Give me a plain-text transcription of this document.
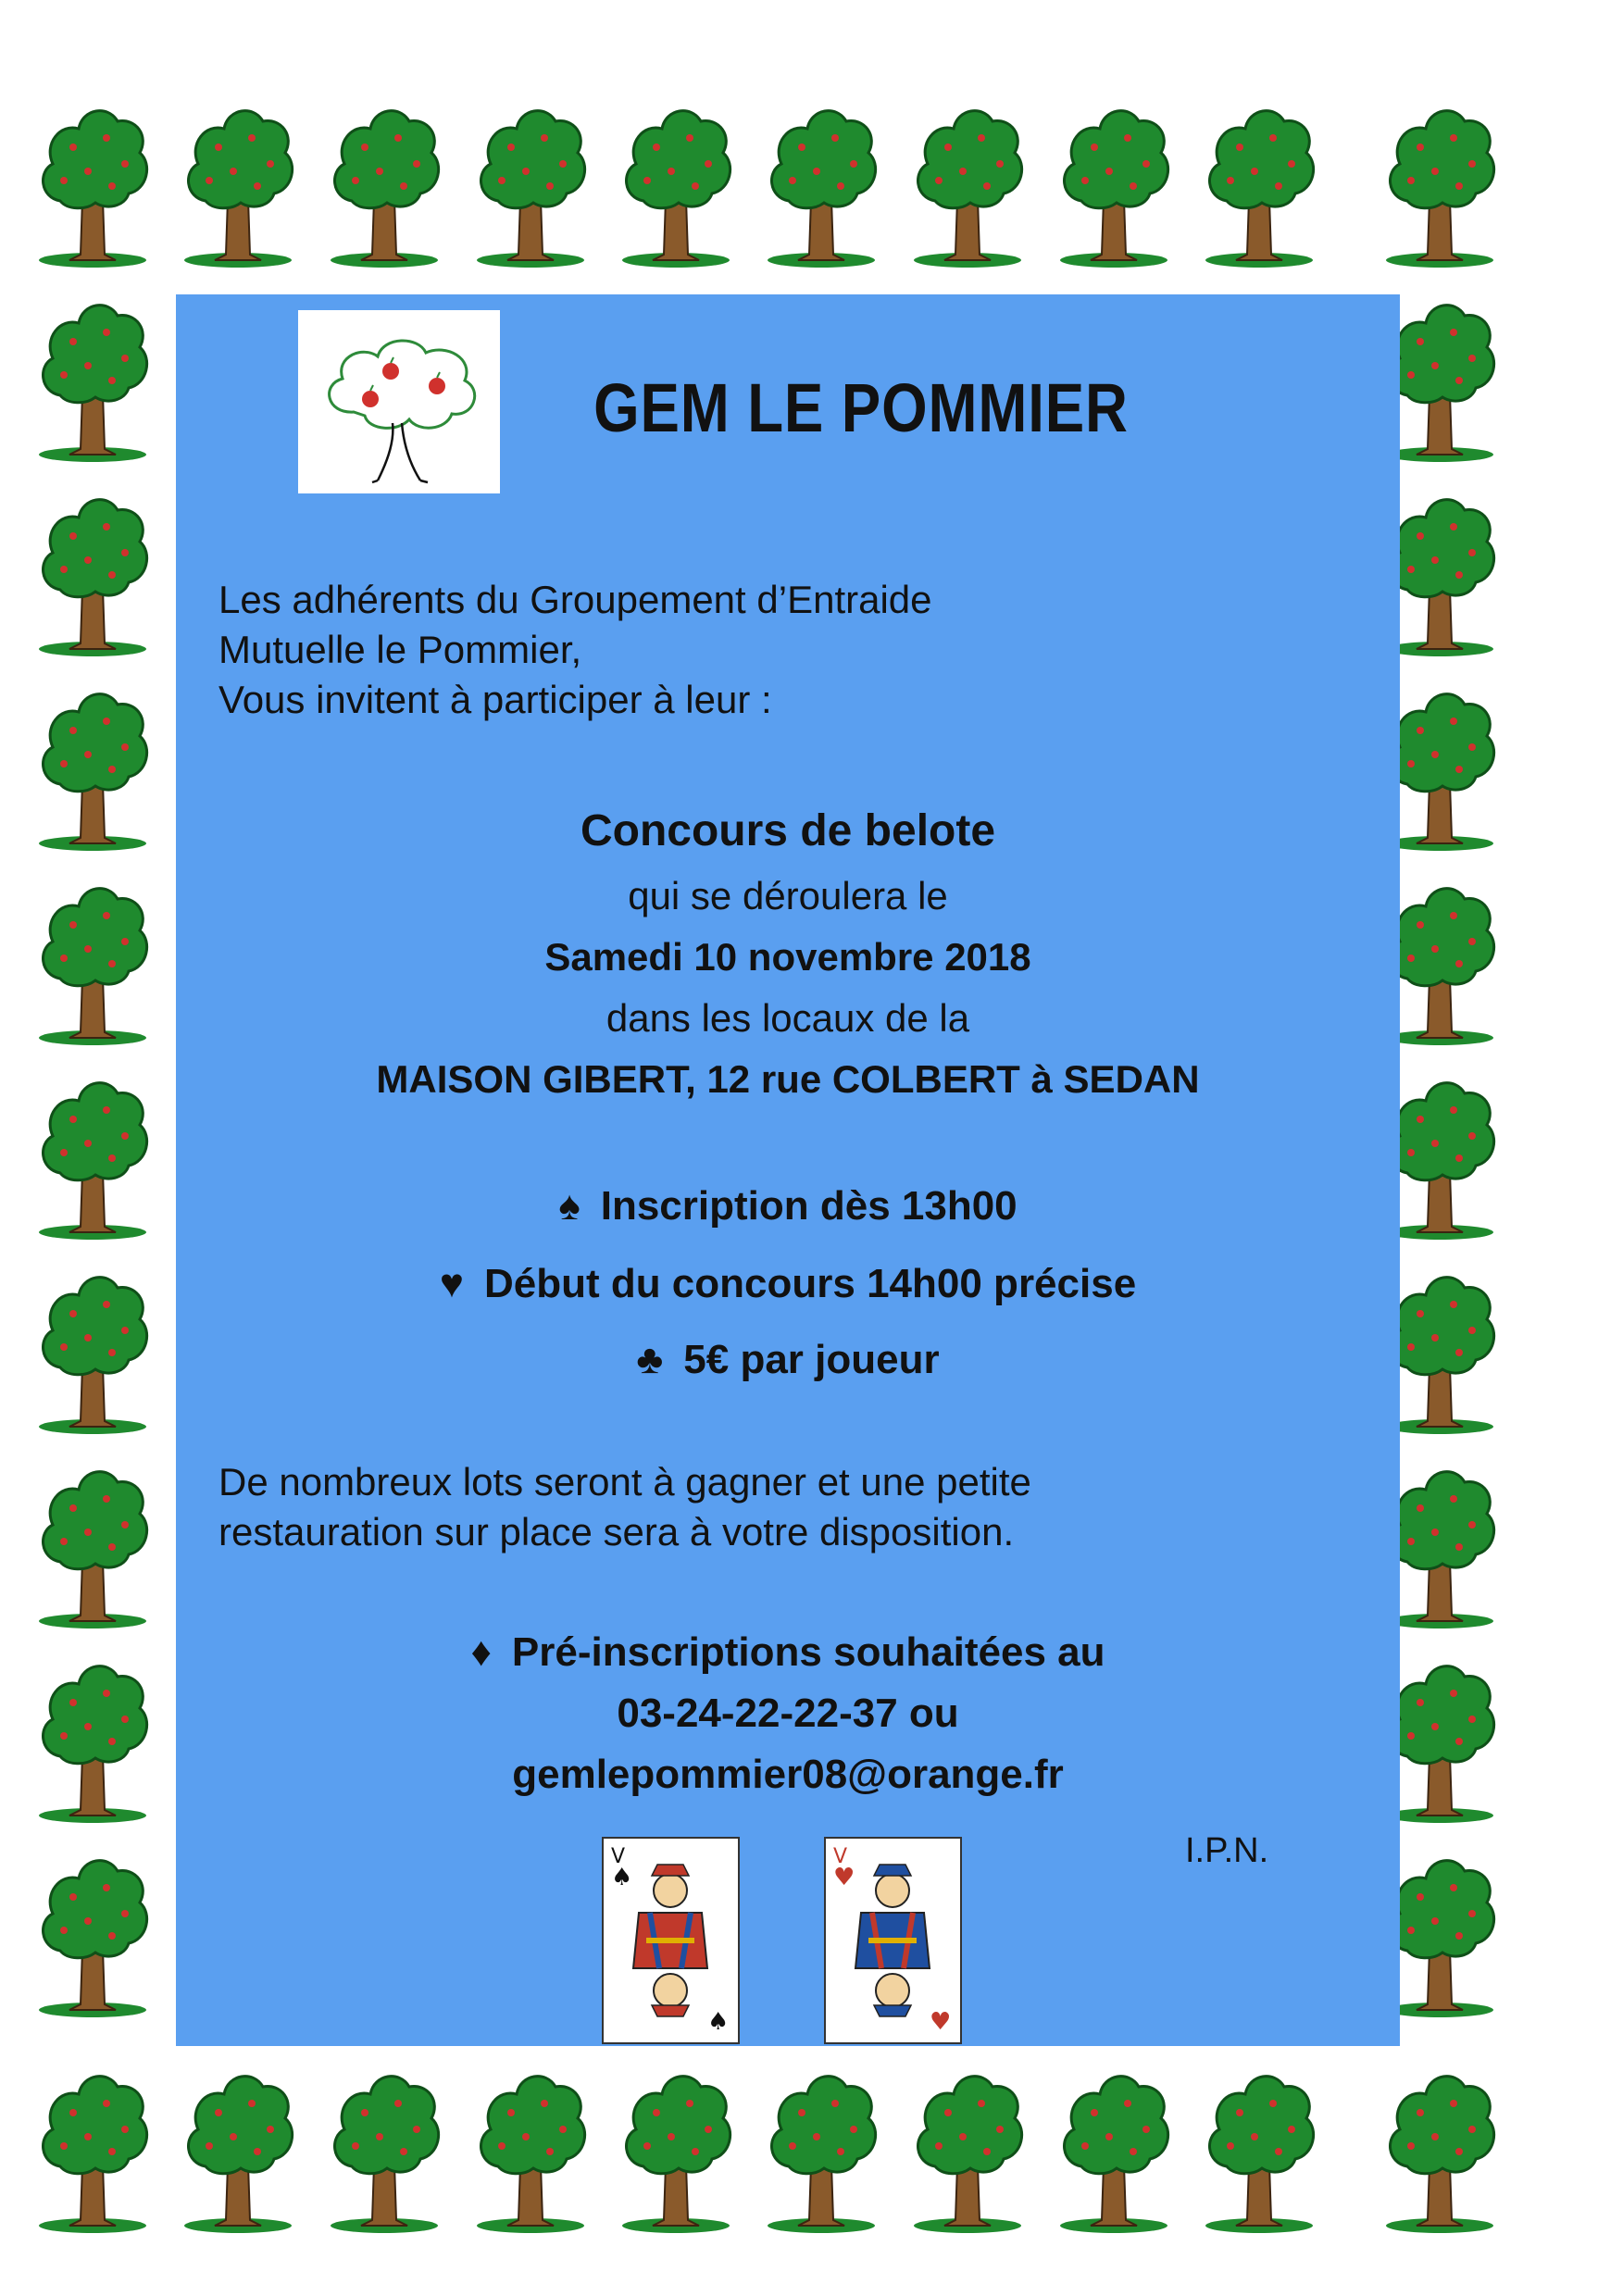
GEM LE POMMIER
Les adhérents du Groupement d’Entraide
Mutuelle le Pommier,
Vous invitent à participer à leur :
Concours de belote
qui se déroulera le
Samedi 10 novembre 2018
dans les locaux de la
MAISON GIBERT, 12 rue COLBERT à SEDAN
♠ Inscription dès 13h00
♥ Début du concours 14h00 précise
♣ 5€ par joueur
De nombreux lots seront à gagner et une petite
restauration sur place sera à votre disposition.
♦ Pré-inscriptions souhaitées au
03-24-22-22-37 ou
gemlepommier08@orange.fr
V
♠
♠
V
♥
♥
I.P.N.
